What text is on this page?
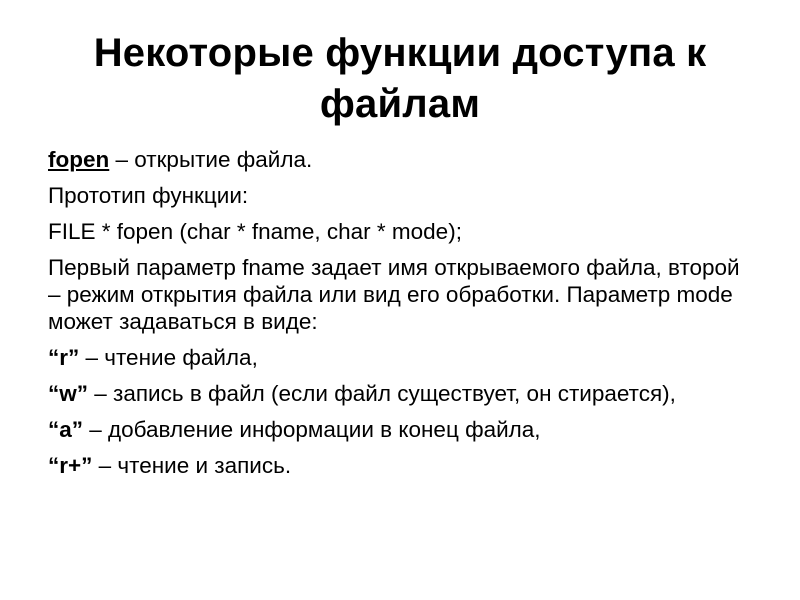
Некоторые функции доступа к файлам

fopen – открытие файла.

Прототип функции:

FILE * fopen (char * fname, char * mode);

Первый параметр fname задает имя открываемого файла, второй – режим открытия файла или вид его обработки. Параметр mode может задаваться в виде:

“r” – чтение файла,

“w” – запись в файл (если файл существует, он стирается),

“a” – добавление информации в конец файла,

“r+” – чтение и запись.
